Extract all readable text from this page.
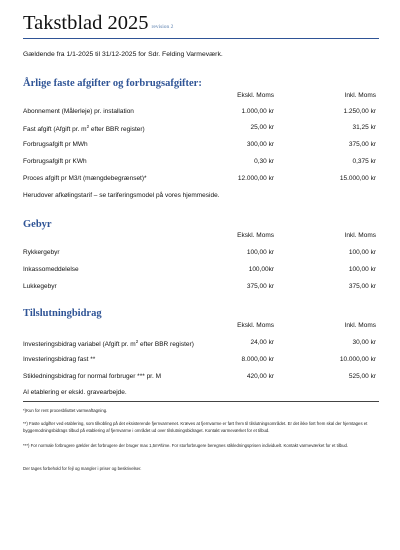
Takstblad 2025 revision 2
Gældende fra 1/1-2025 til 31/12-2025 for Sdr. Felding Varmeværk.
Årlige faste afgifter og forbrugsafgifter:
Ekskl. Moms	Inkl. Moms
Abonnement (Målerleje) pr. installation	1.000,00 kr	1.250,00 kr
Fast afgift (Afgift pr. $m^2$ efter BBR register)	25,00 kr	31,25 kr
Forbrugsafgift pr MWh	300,00 kr	375,00 kr
Forbrugsafgift pr KWh	0,30 kr	0,375 kr
Proces afgift pr M3/t (mængdebegrænset)*	12.000,00 kr	15.000,00 kr
Herudover afkølingstarif – se tariferingsmodel på vores hjemmeside.
Gebyr
Ekskl. Moms	Inkl. Moms
Rykkergebyr	100,00 kr	100,00 kr
Inkassomeddelelse	100,00kr	100,00 kr
Lukkegebyr	375,00 kr	375,00 kr
Tilslutningbidrag
Ekskl. Moms	Inkl. Moms
Investeringsbidrag variabel (Afgift pr. $m^2$ efter BBR register)	24,00 kr	30,00 kr
Investeringsbidrag fast **	8.000,00 kr	10.000,00 kr
Stikledningsbidrag for normal forbruger *** pr. M	420,00 kr	525,00 kr
Al etablering er ekskl. gravearbejde.
*)Kun for rent procesbliuttet varmeaftagning.
**) Faste udgifter ved etablering, som tilkobling på det eksisterende fjernvarmenet. Kræves at fjernvarme er ført frem til tilslutningsområdet. Er det ikke ført frem skal der hjemtages et byggemodningsbidrags tilbud på etablering af fjernvarme i området ud over tilslutningsbidraget. Kontakt varmeværket for et tilbud.
***) For normale forbrugere gælder det forbrugere der bruger max 1,5m³/time. For storforbrugere beregnes stikledningsprisen individuelt. Kontakt varmeværket for et tilbud.
Der tages forbehold for fejl og mangler i priser og beskrivelser.
